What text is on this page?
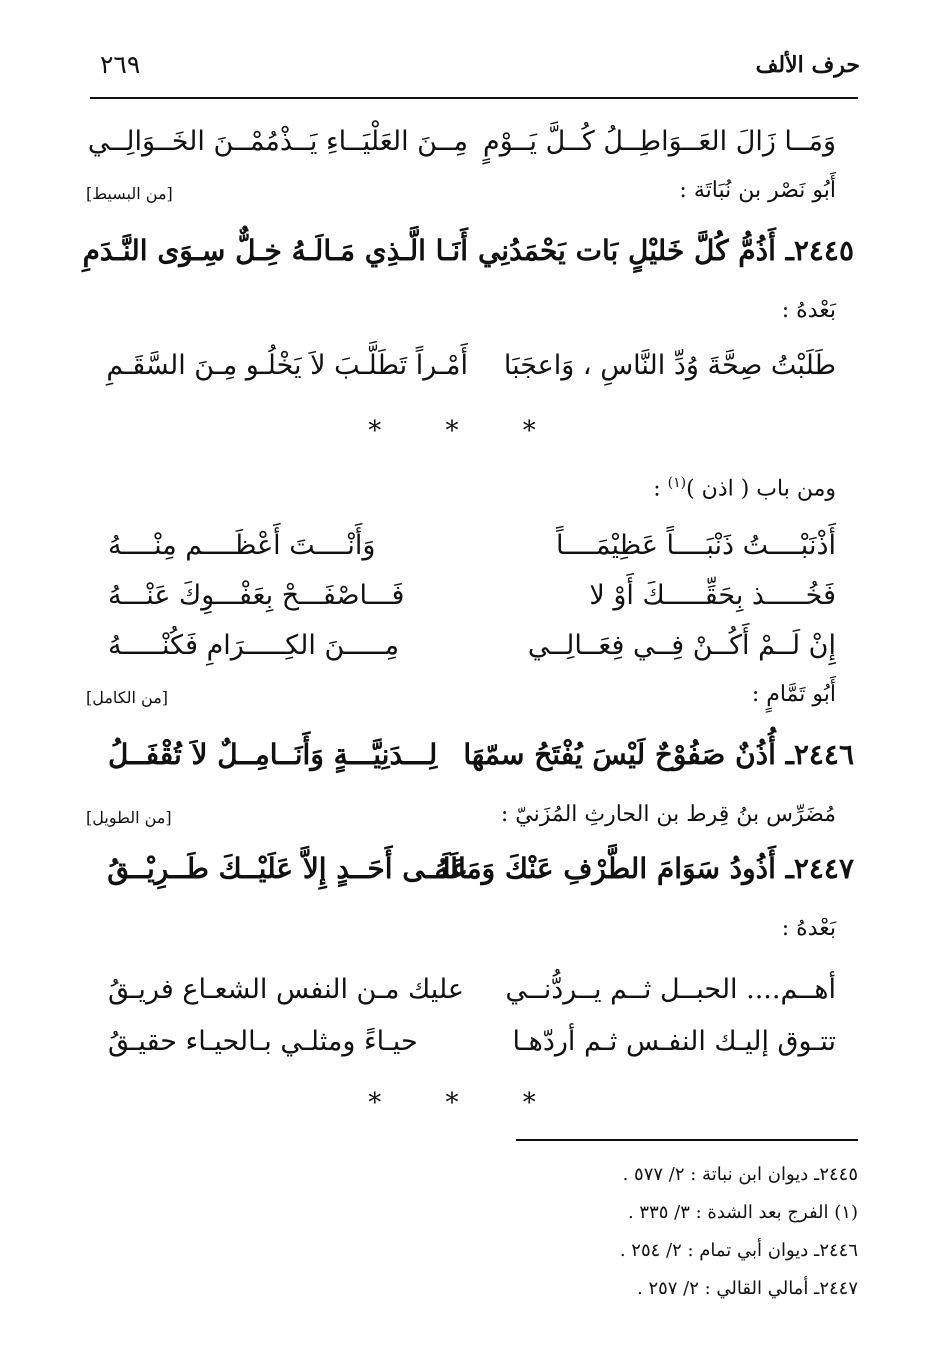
حرف الألف
٢٦٩
وَمَــا زَالَ العَــوَاطِــلُ كُــلَّ يَــوْمٍ
مِــنَ العَلْيَــاءِ يَــذْمُمْــنَ الخَــوَالِــي
أَبُو نَصْر بن نُبَاتَة :
[من البسيط]
٢٤٤٥ـ أَذُمُّ كُلَّ خَليْلٍ بَات يَحْمَدُنِي
أَنَـا الَّـذِي مَـالَـهُ خِـلٌّ سِـوَى النَّـدَمِ
بَعْدهُ :
طَلَبْتُ صِحَّةَ وُدِّ النَّاسِ ، وَاعجَبَا
أَمْـراً تَطَلَّـبَ لاَ يَخْلُـو مِـنَ السَّقَـمِ
* * *
ومن باب ( اذن )$^{(١)}$ :
أَذْنَبْــــتُ ذَنْبَــــاً عَظِيْمَــــاً
وَأَنْــــتَ أَعْظَــــم مِنْــــهُ
فَخُـــــذ بِحَقِّـــــكَ أَوْ لا
فَـــاصْفَـــحْ بِعَفْـــوِكَ عَنْـــهُ
إِنْ لَــمْ أَكُــنْ فِــي فِعَــالِــي
مِـــــنَ الكِـــــرَامِ فَكُنْـــــهُ
أَبُو تَمَّامٍ :
[من الكامل]
٢٤٤٦ـ أُذُنٌ صَفُوْحٌ لَيْسَ يُفْتَحُ سمّهَا
لِـــدَنِيَّـــةٍ وَأَنَــامِــلٌ لاَ تُقْفَــلُ
مُضَرِّس بنُ قِرط بن الحارثِ المُزَنيّ :
[من الطويل]
٢٤٤٧ـ أَذُودُ سَوَامَ الطَّرْفِ عَنْكَ وَمَالَهُ
عَلَــى أَحَــدٍ إِلاَّ عَلَيْــكَ طَــرِيْــقُ
بَعْدهُ :
أهــم.... الحبــل ثــم يــردُّنــي
عليك مـن النفس الشعـاع فريـقُ
تتـوق إليـك النفـس ثـم أردّهـا
حيـاءً ومثلـي بـالحيـاء حقيـقُ
* * *
٢٤٤٥ـ ديوان ابن نباتة : ٢/ ٥٧٧ .
(١) الفرج بعد الشدة : ٣/ ٣٣٥ .
٢٤٤٦ـ ديوان أبي تمام : ٢/ ٢٥٤ .
٢٤٤٧ـ أمالي القالي : ٢/ ٢٥٧ .
